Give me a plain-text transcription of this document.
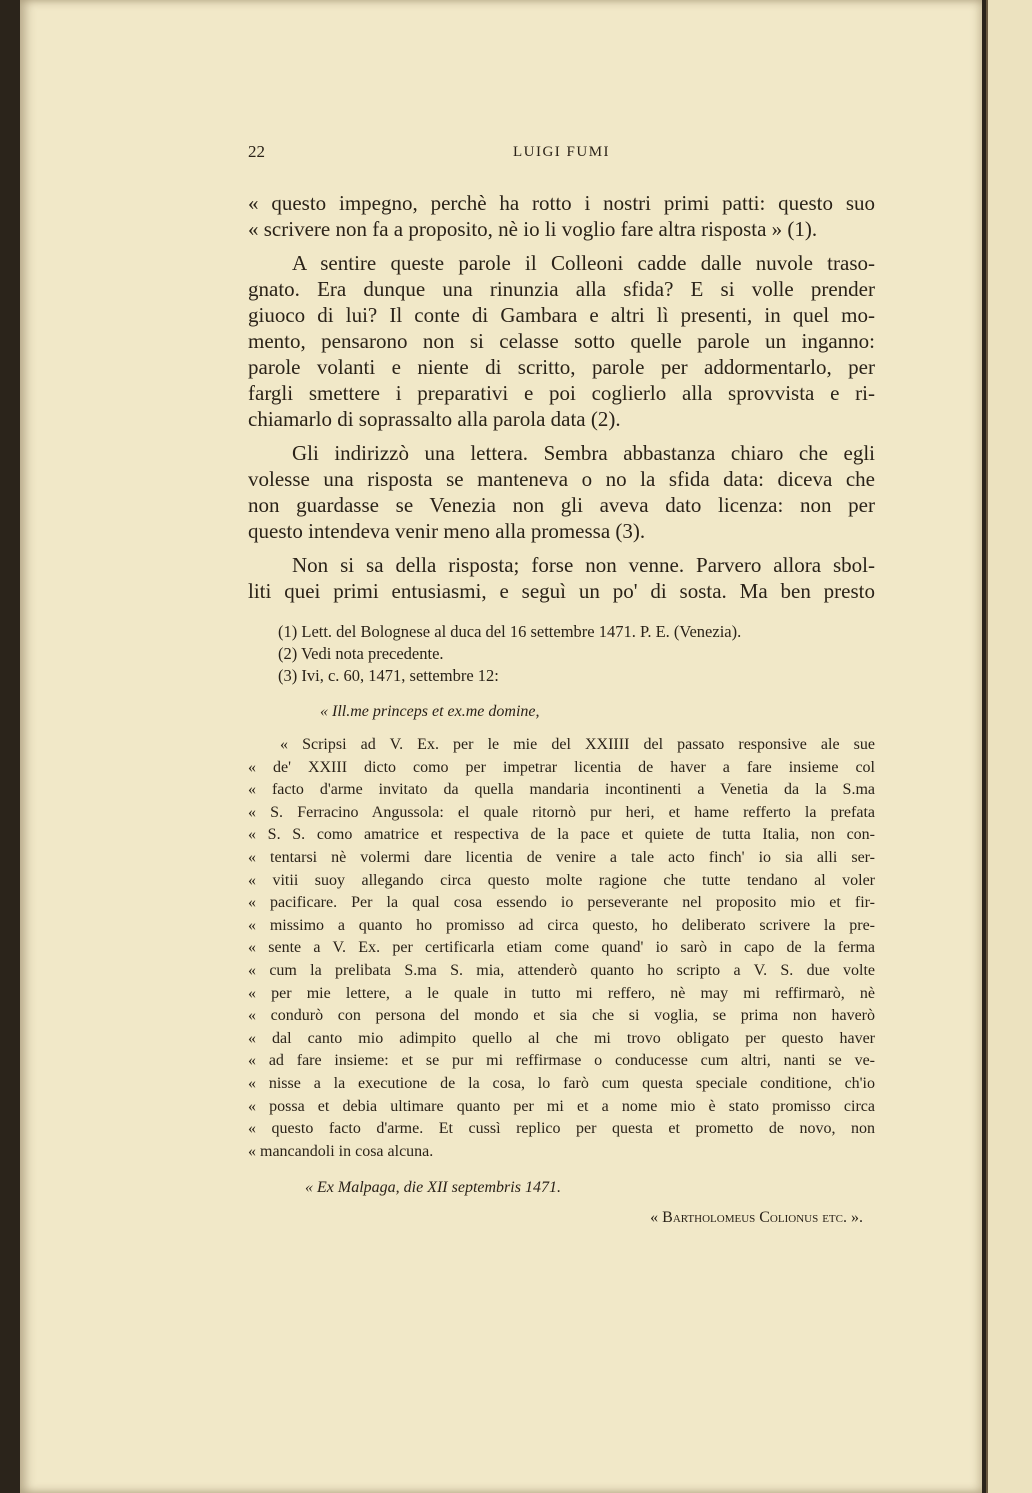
22	LUIGI FUMI
« questo impegno, perchè ha rotto i nostri primi patti: questo suo
« scrivere non fa a proposito, nè io li voglio fare altra risposta » (1).
A sentire queste parole il Colleoni cadde dalle nuvole traso-
gnato. Era dunque una rinunzia alla sfida? E si volle prender
giuoco di lui? Il conte di Gambara e altri lì presenti, in quel mo-
mento, pensarono non si celasse sotto quelle parole un inganno:
parole volanti e niente di scritto, parole per addormentarlo, per
fargli smettere i preparativi e poi coglierlo alla sprovvista e ri-
chiamarlo di soprassalto alla parola data (2).
Gli indirizzò una lettera. Sembra abbastanza chiaro che egli
volesse una risposta se manteneva o no la sfida data: diceva che
non guardasse se Venezia non gli aveva dato licenza: non per
questo intendeva venir meno alla promessa (3).
Non si sa della risposta; forse non venne. Parvero allora sbol-
liti quei primi entusiasmi, e seguì un po' di sosta. Ma ben presto
(1) Lett. del Bolognese al duca del 16 settembre 1471. P. E. (Venezia).
(2) Vedi nota precedente.
(3) Ivi, c. 60, 1471, settembre 12:
« Ill.me princeps et ex.me domine,
« Scripsi ad V. Ex. per le mie del XXIIII del passato responsive ale sue
« de' XXIII dicto como per impetrar licentia de haver a fare insieme col
« facto d'arme invitato da quella mandaria incontinenti a Venetia da la S.ma
« S. Ferracino Angussola: el quale ritornò pur heri, et hame refferto la prefata
« S. S. como amatrice et respectiva de la pace et quiete de tutta Italia, non con-
« tentarsi nè volermi dare licentia de venire a tale acto finch' io sia alli ser-
« vitii suoy allegando circa questo molte ragione che tutte tendano al voler
« pacificare. Per la qual cosa essendo io perseverante nel proposito mio et fir-
« missimo a quanto ho promisso ad circa questo, ho deliberato scrivere la pre-
« sente a V. Ex. per certificarla etiam come quand' io sarò in capo de la ferma
« cum la prelibata S.ma S. mia, attenderò quanto ho scripto a V. S. due volte
« per mie lettere, a le quale in tutto mi reffero, nè may mi reffirmarò, nè
« condurò con persona del mondo et sia che si voglia, se prima non haverò
« dal canto mio adimpito quello al che mi trovo obligato per questo haver
« ad fare insieme: et se pur mi reffirmase o conducesse cum altri, nanti se ve-
« nisse a la executione de la cosa, lo farò cum questa speciale conditione, ch'io
« possa et debia ultimare quanto per mi et a nome mio è stato promisso circa
« questo facto d'arme. Et cussì replico per questa et prometto de novo, non
« mancandoli in cosa alcuna.
« Ex Malpaga, die XII septembris 1471.
« Bartholomeus Colionus etc. ».
